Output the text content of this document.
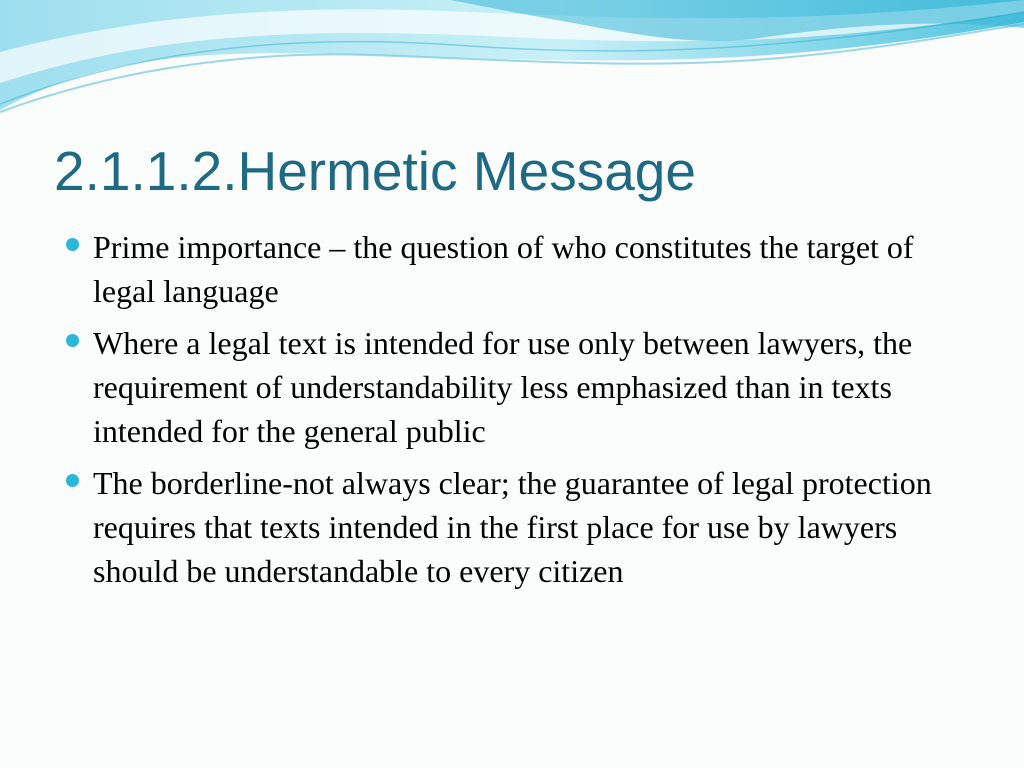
2.1.1.2.Hermetic Message
Prime importance – the question of who constitutes the target of legal language
Where a legal text is intended for use only between lawyers, the requirement of understandability less emphasized than in texts intended for the general public
The borderline-not always clear; the guarantee of legal protection requires that texts intended in the first place for use by lawyers should be understandable to every citizen
